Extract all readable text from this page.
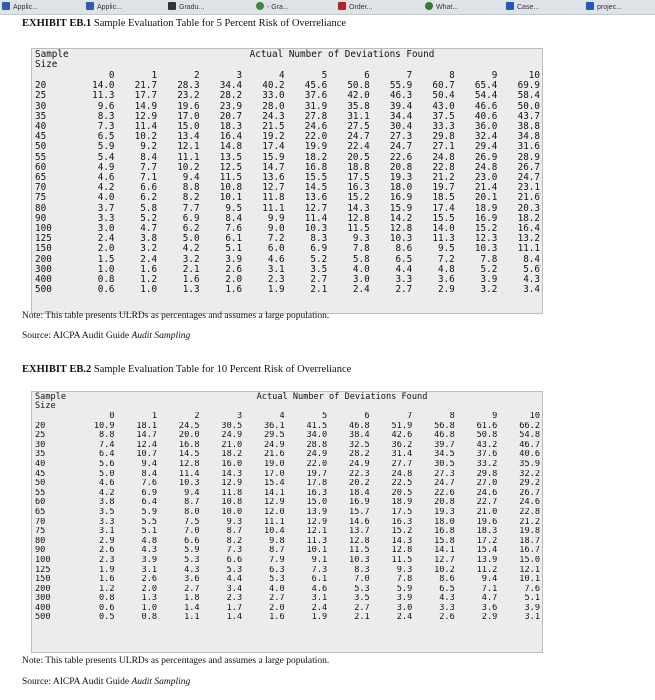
Applic...	Applic...	Gradu...	- Gra...	Order...	What...	Case...	projec...
EXHIBIT EB.1 Sample Evaluation Table for 5 Percent Risk of Overreliance
Sample
Size
Actual Number of Deviations Found
	0	1	2	3	4	5	6	7	8	9	10
20	14.0	21.7	28.3	34.4	40.2	45.6	50.8	55.9	60.7	65.4	69.9
25	11.3	17.7	23.2	28.2	33.0	37.6	42.0	46.3	50.4	54.4	58.4
30	9.6	14.9	19.6	23.9	28.0	31.9	35.8	39.4	43.0	46.6	50.0
35	8.3	12.9	17.0	20.7	24.3	27.8	31.1	34.4	37.5	40.6	43.7
40	7.3	11.4	15.0	18.3	21.5	24.6	27.5	30.4	33.3	36.0	38.8
45	6.5	10.2	13.4	16.4	19.2	22.0	24.7	27.3	29.8	32.4	34.8
50	5.9	9.2	12.1	14.8	17.4	19.9	22.4	24.7	27.1	29.4	31.6
55	5.4	8.4	11.1	13.5	15.9	18.2	20.5	22.6	24.8	26.9	28.9
60	4.9	7.7	10.2	12.5	14.7	16.8	18.8	20.8	22.8	24.8	26.7
65	4.6	7.1	9.4	11.5	13.6	15.5	17.5	19.3	21.2	23.0	24.7
70	4.2	6.6	8.8	10.8	12.7	14.5	16.3	18.0	19.7	21.4	23.1
75	4.0	6.2	8.2	10.1	11.8	13.6	15.2	16.9	18.5	20.1	21.6
80	3.7	5.8	7.7	9.5	11.1	12.7	14.3	15.9	17.4	18.9	20.3
90	3.3	5.2	6.9	8.4	9.9	11.4	12.8	14.2	15.5	16.9	18.2
100	3.0	4.7	6.2	7.6	9.0	10.3	11.5	12.8	14.0	15.2	16.4
125	2.4	3.8	5.0	6.1	7.2	8.3	9.3	10.3	11.3	12.3	13.2
150	2.0	3.2	4.2	5.1	6.0	6.9	7.8	8.6	9.5	10.3	11.1
200	1.5	2.4	3.2	3.9	4.6	5.2	5.8	6.5	7.2	7.8	8.4
300	1.0	1.6	2.1	2.6	3.1	3.5	4.0	4.4	4.8	5.2	5.6
400	0.8	1.2	1.6	2.0	2.3	2.7	3.0	3.3	3.6	3.9	4.3
500	0.6	1.0	1.3	1.6	1.9	2.1	2.4	2.7	2.9	3.2	3.4
Note: This table presents ULRDs as percentages and assumes a large population.
Source: AICPA Audit Guide Audit Sampling
EXHIBIT EB.2 Sample Evaluation Table for 10 Percent Risk of Overreliance
Sample
Size
Actual Number of Deviations Found
	0	1	2	3	4	5	6	7	8	9	10
20	10.9	18.1	24.5	30.5	36.1	41.5	46.8	51.9	56.8	61.6	66.2
25	8.8	14.7	20.0	24.9	29.5	34.0	38.4	42.6	46.8	50.8	54.8
30	7.4	12.4	16.8	21.0	24.9	28.8	32.5	36.2	39.7	43.2	46.7
35	6.4	10.7	14.5	18.2	21.6	24.9	28.2	31.4	34.5	37.6	40.6
40	5.6	9.4	12.8	16.0	19.0	22.0	24.9	27.7	30.5	33.2	35.9
45	5.0	8.4	11.4	14.3	17.0	19.7	22.3	24.8	27.3	29.8	32.2
50	4.6	7.6	10.3	12.9	15.4	17.8	20.2	22.5	24.7	27.0	29.2
55	4.2	6.9	9.4	11.8	14.1	16.3	18.4	20.5	22.6	24.6	26.7
60	3.8	6.4	8.7	10.8	12.9	15.0	16.9	18.9	20.8	22.7	24.6
65	3.5	5.9	8.0	10.0	12.0	13.9	15.7	17.5	19.3	21.0	22.8
70	3.3	5.5	7.5	9.3	11.1	12.9	14.6	16.3	18.0	19.6	21.2
75	3.1	5.1	7.0	8.7	10.4	12.1	13.7	15.2	16.8	18.3	19.8
80	2.9	4.8	6.6	8.2	9.8	11.3	12.8	14.3	15.8	17.2	18.7
90	2.6	4.3	5.9	7.3	8.7	10.1	11.5	12.8	14.1	15.4	16.7
100	2.3	3.9	5.3	6.6	7.9	9.1	10.3	11.5	12.7	13.9	15.0
125	1.9	3.1	4.3	5.3	6.3	7.3	8.3	9.3	10.2	11.2	12.1
150	1.6	2.6	3.6	4.4	5.3	6.1	7.0	7.8	8.6	9.4	10.1
200	1.2	2.0	2.7	3.4	4.0	4.6	5.3	5.9	6.5	7.1	7.6
300	0.8	1.3	1.8	2.3	2.7	3.1	3.5	3.9	4.3	4.7	5.1
400	0.6	1.0	1.4	1.7	2.0	2.4	2.7	3.0	3.3	3.6	3.9
500	0.5	0.8	1.1	1.4	1.6	1.9	2.1	2.4	2.6	2.9	3.1
Note: This table presents ULRDs as percentages and assumes a large population.
Source: AICPA Audit Guide Audit Sampling
